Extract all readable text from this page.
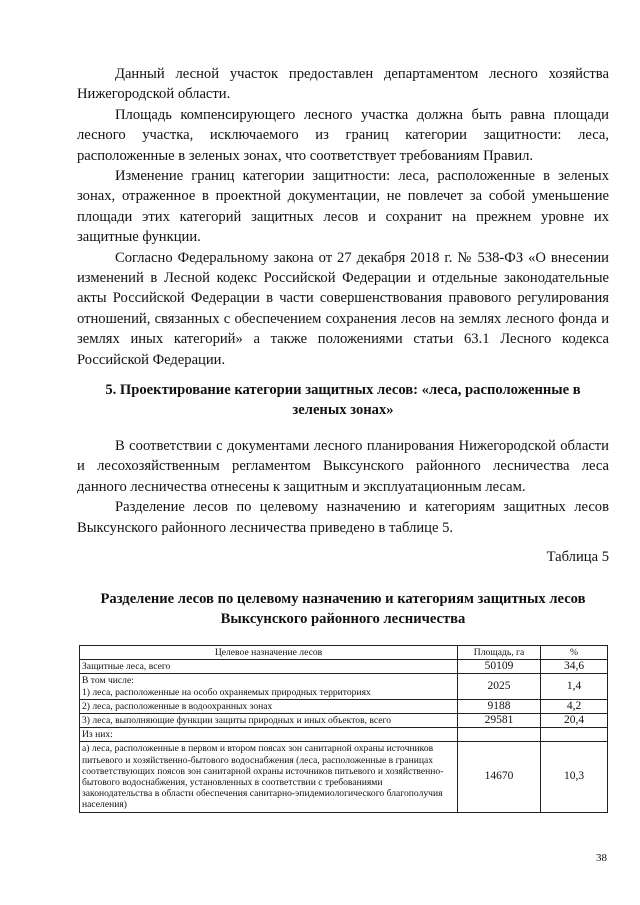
Данный лесной участок предоставлен департаментом лесного хозяйства Нижегородской области.

Площадь компенсирующего лесного участка должна быть равна площади лесного участка, исключаемого из границ категории защитности: леса, расположенные в зеленых зонах, что соответствует требованиям Правил.

Изменение границ категории защитности: леса, расположенные в зеленых зонах, отраженное в проектной документации, не повлечет за собой уменьшение площади этих категорий защитных лесов и сохранит на прежнем уровне их защитные функции.

Согласно Федеральному закона от 27 декабря 2018 г. № 538-ФЗ «О внесении изменений в Лесной кодекс Российской Федерации и отдельные законодательные акты Российской Федерации в части совершенствования правового регулирования отношений, связанных с обеспечением сохранения лесов на землях лесного фонда и землях иных категорий» а также положениями статьи 63.1 Лесного кодекса Российской Федерации.

5. Проектирование категории защитных лесов: «леса, расположенные в зеленых зонах»

В соответствии с документами лесного планирования Нижегородской области и лесохозяйственным регламентом Выксунского районного лесничества леса данного лесничества отнесены к защитным и эксплуатационным лесам.

Разделение лесов по целевому назначению и категориям защитных лесов Выксунского районного лесничества приведено в таблице 5.

Таблица 5
Разделение лесов по целевому назначению и категориям защитных лесов Выксунского районного лесничества
Целевое назначение лесов	Площадь, га	%
Защитные леса, всего	50109	34,6
В том числе:
1) леса, расположенные на особо охраняемых природных территориях	2025	1,4
2) леса, расположенные в водоохранных зонах	9188	4,2
3) леса, выполняющие функции защиты природных и иных объектов, всего	29581	20,4
Из них:		
а) леса, расположенные в первом и втором поясах зон санитарной охраны источников питьевого и хозяйственно-бытового водоснабжения (леса, расположенные в границах соответствующих поясов зон санитарной охраны источников питьевого и хозяйственно-бытового водоснабжения, установленных в соответствии с требованиями законодательства в области обеспечения санитарно-эпидемиологического благополучия населения)	14670	10,3
38
